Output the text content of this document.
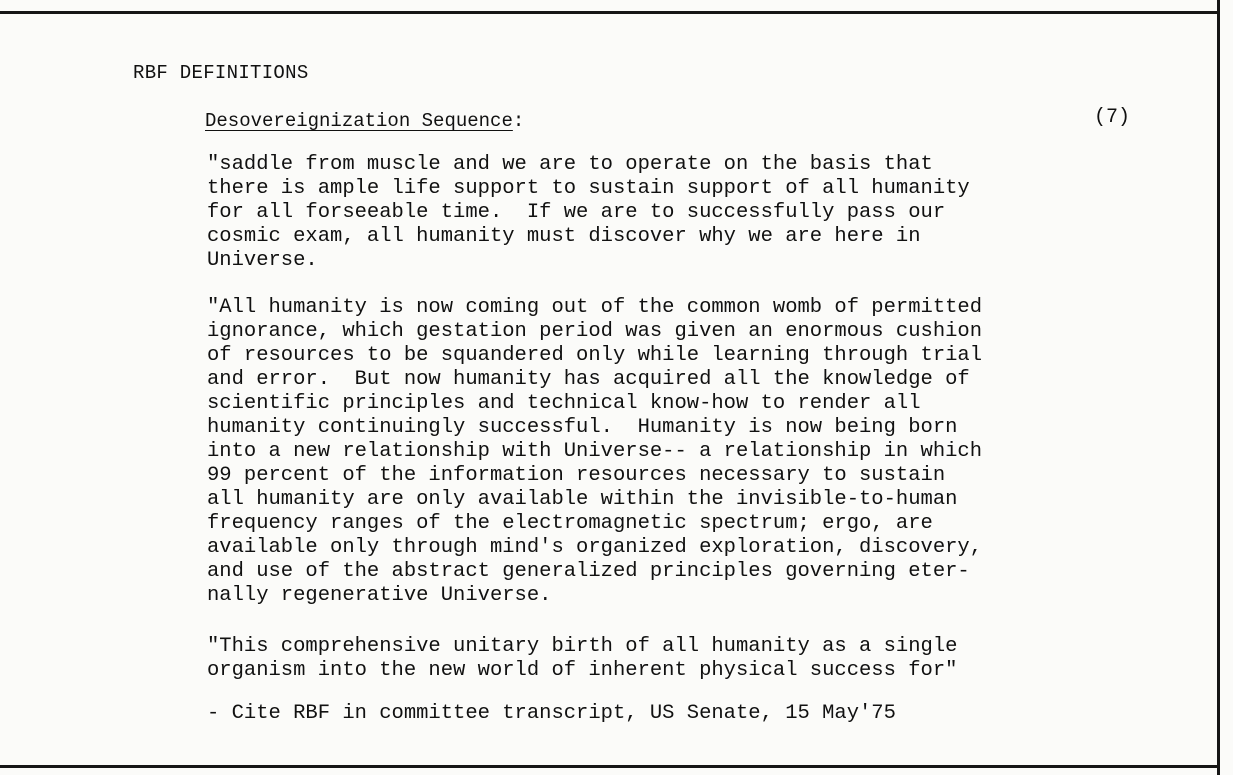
RBF DEFINITIONS
Desovereignization Sequence:	(7)

"saddle from muscle and we are to operate on the basis that
there is ample life support to sustain support of all humanity
for all forseeable time.  If we are to successfully pass our
cosmic exam, all humanity must discover why we are here in
Universe.

"All humanity is now coming out of the common womb of permitted
ignorance, which gestation period was given an enormous cushion
of resources to be squandered only while learning through trial
and error.  But now humanity has acquired all the knowledge of
scientific principles and technical know-how to render all
humanity continuingly successful.  Humanity is now being born
into a new relationship with Universe-- a relationship in which
99 percent of the information resources necessary to sustain
all humanity are only available within the invisible-to-human
frequency ranges of the electromagnetic spectrum; ergo, are
available only through mind's organized exploration, discovery,
and use of the abstract generalized principles governing eter-
nally regenerative Universe.

"This comprehensive unitary birth of all humanity as a single
organism into the new world of inherent physical success for"

- Cite RBF in committee transcript, US Senate, 15 May'75
